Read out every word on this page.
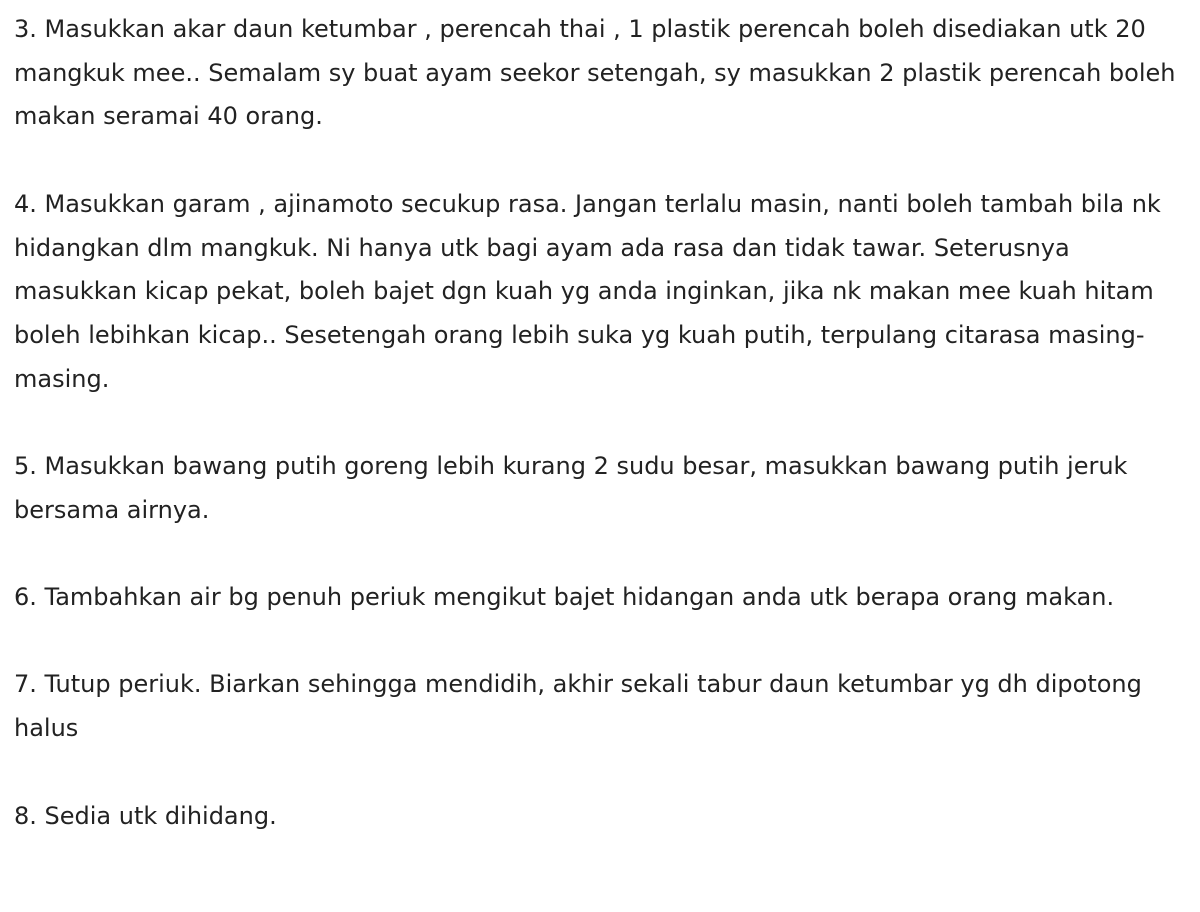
3. Masukkan akar daun ketumbar , perencah thai , 1 plastik perencah boleh disediakan utk 20 mangkuk mee.. Semalam sy buat ayam seekor setengah, sy masukkan 2 plastik perencah boleh makan seramai 40 orang.

4. Masukkan garam , ajinamoto secukup rasa. Jangan terlalu masin, nanti boleh tambah bila nk hidangkan dlm mangkuk. Ni hanya utk bagi ayam ada rasa dan tidak tawar. Seterusnya masukkan kicap pekat, boleh bajet dgn kuah yg anda inginkan, jika nk makan mee kuah hitam boleh lebihkan kicap.. Sesetengah orang lebih suka yg kuah putih, terpulang citarasa masing-masing.

5. Masukkan bawang putih goreng lebih kurang 2 sudu besar, masukkan bawang putih jeruk bersama airnya.

6. Tambahkan air bg penuh periuk mengikut bajet hidangan anda utk berapa orang makan.

7. Tutup periuk. Biarkan sehingga mendidih, akhir sekali tabur daun ketumbar yg dh dipotong halus

8. Sedia utk dihidang.
